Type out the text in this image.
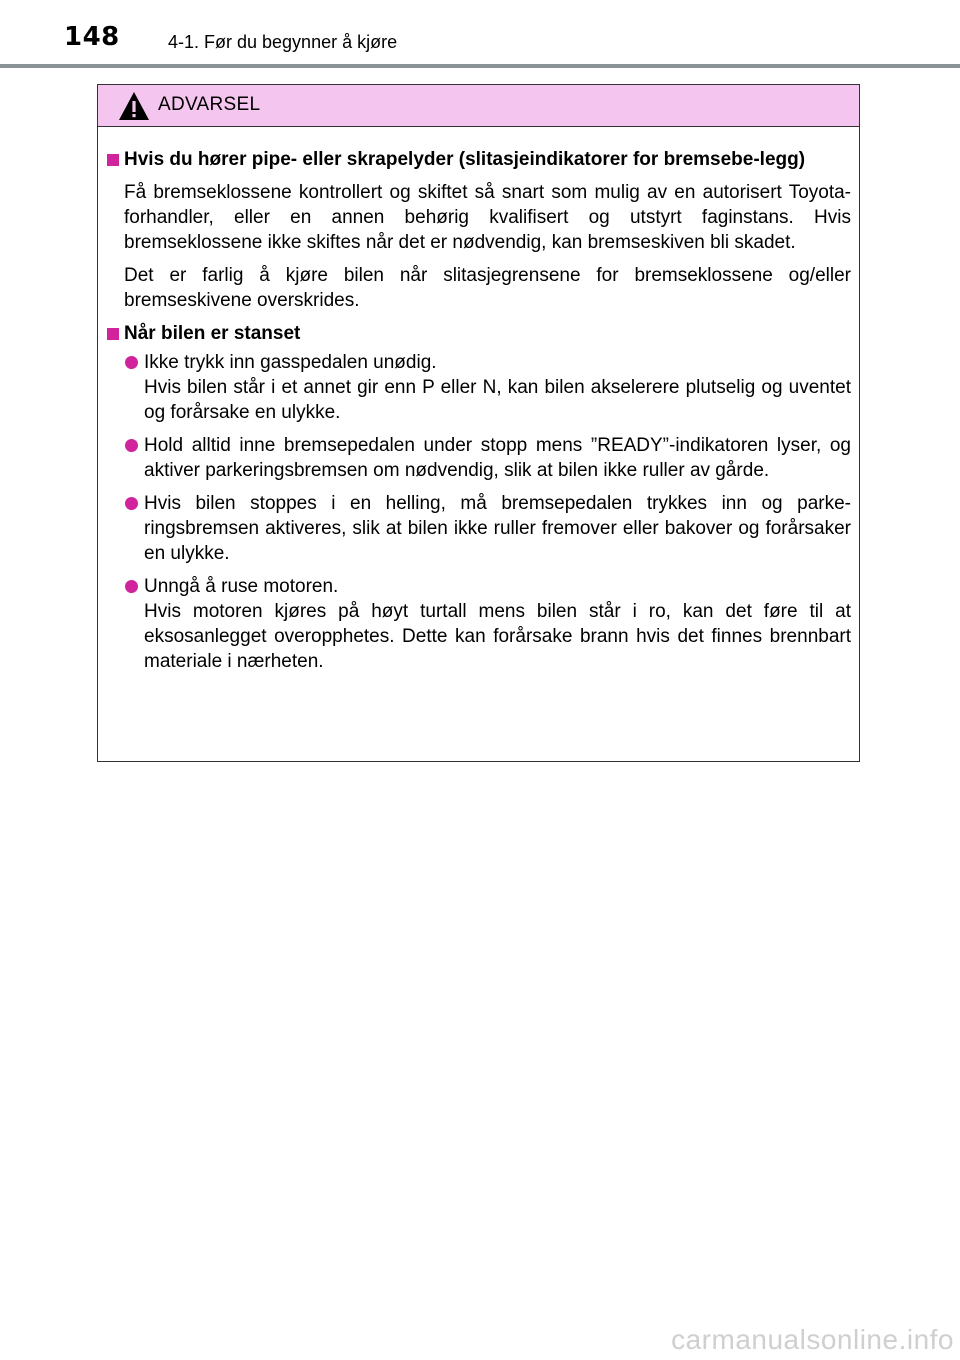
148	4-1. Før du begynner å kjøre
ADVARSEL
Hvis du hører pipe- eller skrapelyder (slitasjeindikatorer for bremsebe-legg)
Få bremseklossene kontrollert og skiftet så snart som mulig av en autorisert Toyota-forhandler, eller en annen behørig kvalifisert og utstyrt faginstans. Hvis bremseklossene ikke skiftes når det er nødvendig, kan bremseskiven bli skadet.
Det er farlig å kjøre bilen når slitasjegrensene for bremseklossene og/eller bremseskivene overskrides.
Når bilen er stanset
Ikke trykk inn gasspedalen unødig.
Hvis bilen står i et annet gir enn P eller N, kan bilen akselerere plutselig og uventet og forårsake en ulykke.
Hold alltid inne bremsepedalen under stopp mens ”READY”-indikatoren lyser, og aktiver parkeringsbremsen om nødvendig, slik at bilen ikke ruller av gårde.
Hvis bilen stoppes i en helling, må bremsepedalen trykkes inn og parke-ringsbremsen aktiveres, slik at bilen ikke ruller fremover eller bakover og forårsaker en ulykke.
Unngå å ruse motoren.
Hvis motoren kjøres på høyt turtall mens bilen står i ro, kan det føre til at eksosanlegget overopphetes. Dette kan forårsake brann hvis det finnes brennbart materiale i nærheten.
carmanualsonline.info
